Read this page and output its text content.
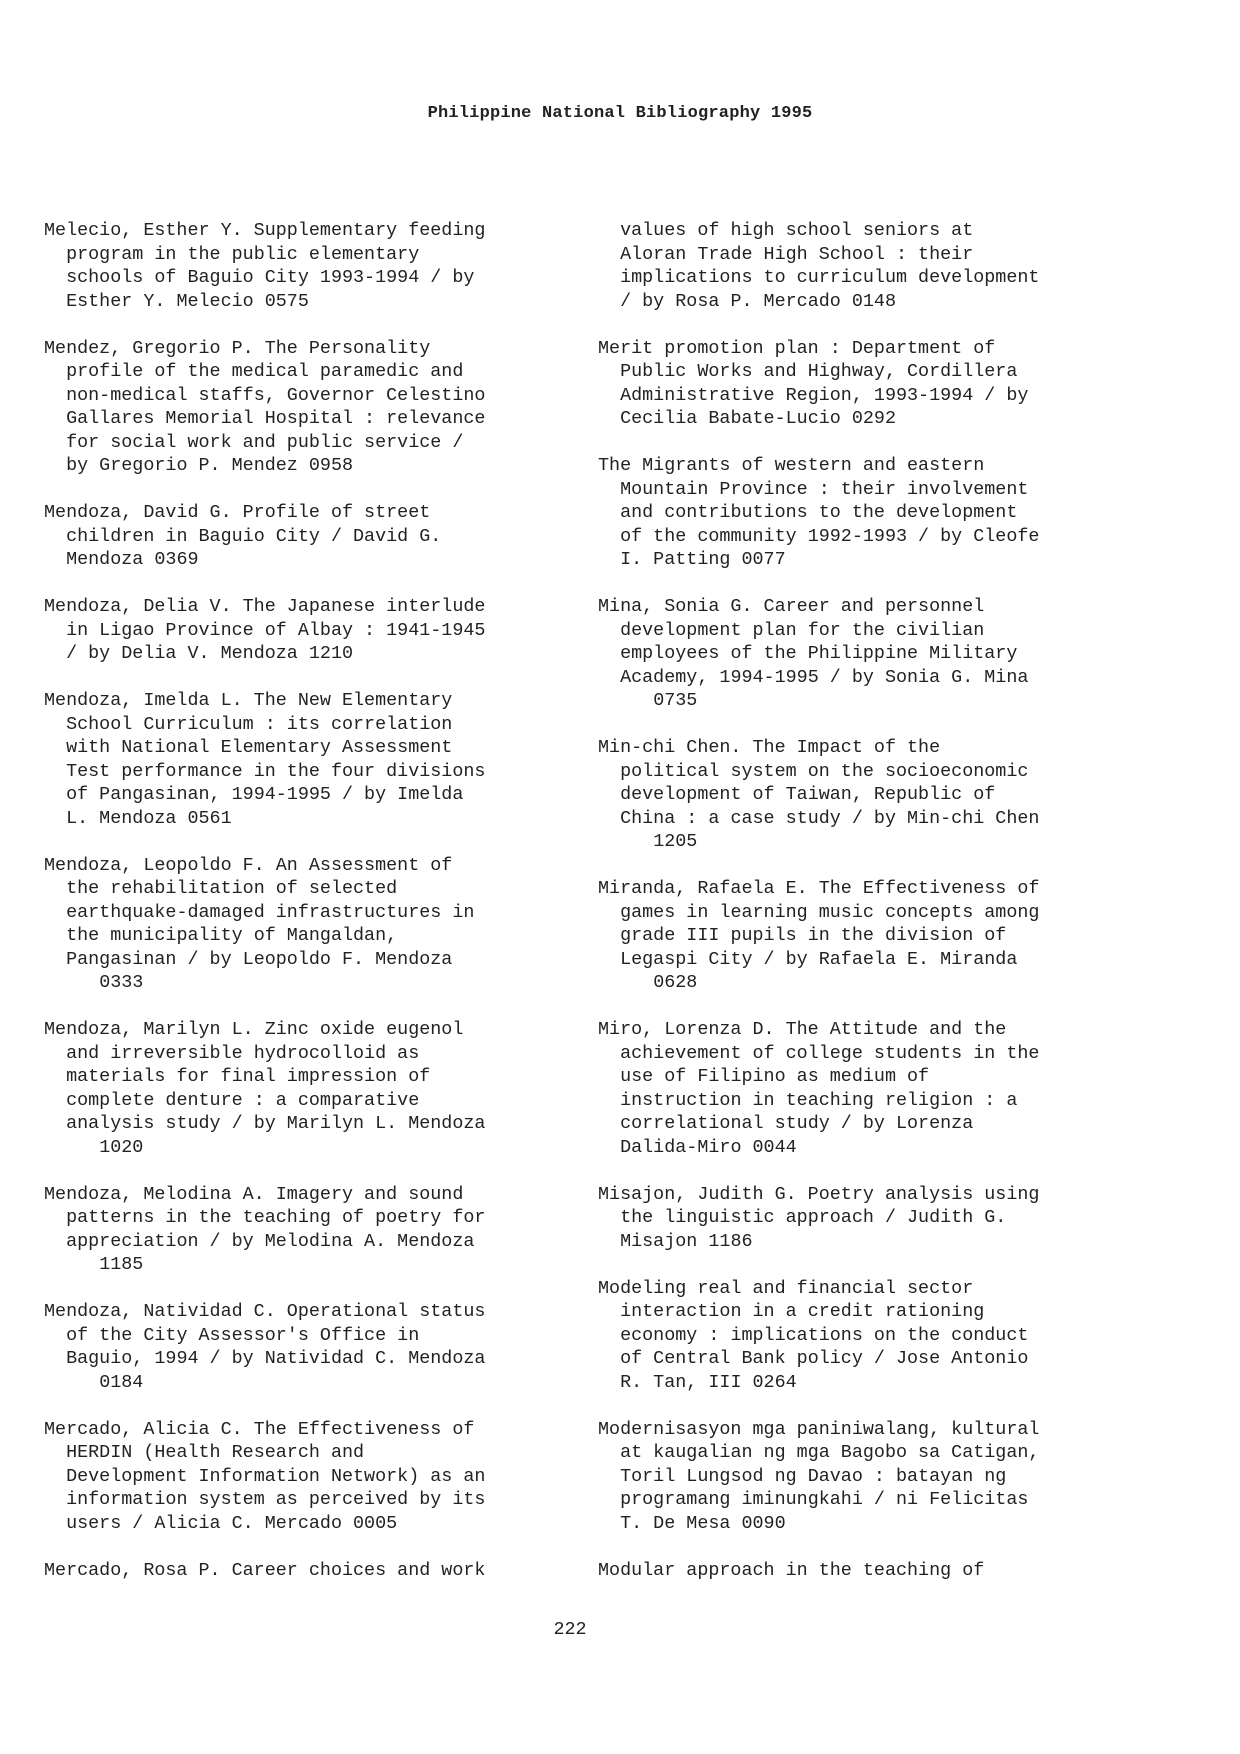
Philippine National Bibliography 1995
Melecio, Esther Y. Supplementary feeding
program in the public elementary
schools of Baguio City 1993-1994 / by
Esther Y. Melecio 0575
Mendez, Gregorio P. The Personality
profile of the medical paramedic and
non-medical staffs, Governor Celestino
Gallares Memorial Hospital : relevance
for social work and public service /
by Gregorio P. Mendez 0958
Mendoza, David G. Profile of street
children in Baguio City / David G.
Mendoza 0369
Mendoza, Delia V. The Japanese interlude
in Ligao Province of Albay : 1941-1945
/ by Delia V. Mendoza 1210
Mendoza, Imelda L. The New Elementary
School Curriculum : its correlation
with National Elementary Assessment
Test performance in the four divisions
of Pangasinan, 1994-1995 / by Imelda
L. Mendoza 0561
Mendoza, Leopoldo F. An Assessment of
the rehabilitation of selected
earthquake-damaged infrastructures in
the municipality of Mangaldan,
Pangasinan / by Leopoldo F. Mendoza
0333
Mendoza, Marilyn L. Zinc oxide eugenol
and irreversible hydrocolloid as
materials for final impression of
complete denture : a comparative
analysis study / by Marilyn L. Mendoza
1020
Mendoza, Melodina A. Imagery and sound
patterns in the teaching of poetry for
appreciation / by Melodina A. Mendoza
1185
Mendoza, Natividad C. Operational status
of the City Assessor's Office in
Baguio, 1994 / by Natividad C. Mendoza
0184
Mercado, Alicia C. The Effectiveness of
HERDIN (Health Research and
Development Information Network) as an
information system as perceived by its
users / Alicia C. Mercado 0005
Mercado, Rosa P. Career choices and work
values of high school seniors at
Aloran Trade High School : their
implications to curriculum development
/ by Rosa P. Mercado 0148
Merit promotion plan : Department of
Public Works and Highway, Cordillera
Administrative Region, 1993-1994 / by
Cecilia Babate-Lucio 0292
The Migrants of western and eastern
Mountain Province : their involvement
and contributions to the development
of the community 1992-1993 / by Cleofe
I. Patting 0077
Mina, Sonia G. Career and personnel
development plan for the civilian
employees of the Philippine Military
Academy, 1994-1995 / by Sonia G. Mina
0735
Min-chi Chen. The Impact of the
political system on the socioeconomic
development of Taiwan, Republic of
China : a case study / by Min-chi Chen
1205
Miranda, Rafaela E. The Effectiveness of
games in learning music concepts among
grade III pupils in the division of
Legaspi City / by Rafaela E. Miranda
0628
Miro, Lorenza D. The Attitude and the
achievement of college students in the
use of Filipino as medium of
instruction in teaching religion : a
correlational study / by Lorenza
Dalida-Miro 0044
Misajon, Judith G. Poetry analysis using
the linguistic approach / Judith G.
Misajon 1186
Modeling real and financial sector
interaction in a credit rationing
economy : implications on the conduct
of Central Bank policy / Jose Antonio
R. Tan, III 0264
Modernisasyon mga paniniwalang, kultural
at kaugalian ng mga Bagobo sa Catigan,
Toril Lungsod ng Davao : batayan ng
programang iminungkahi / ni Felicitas
T. De Mesa 0090
Modular approach in the teaching of
222
